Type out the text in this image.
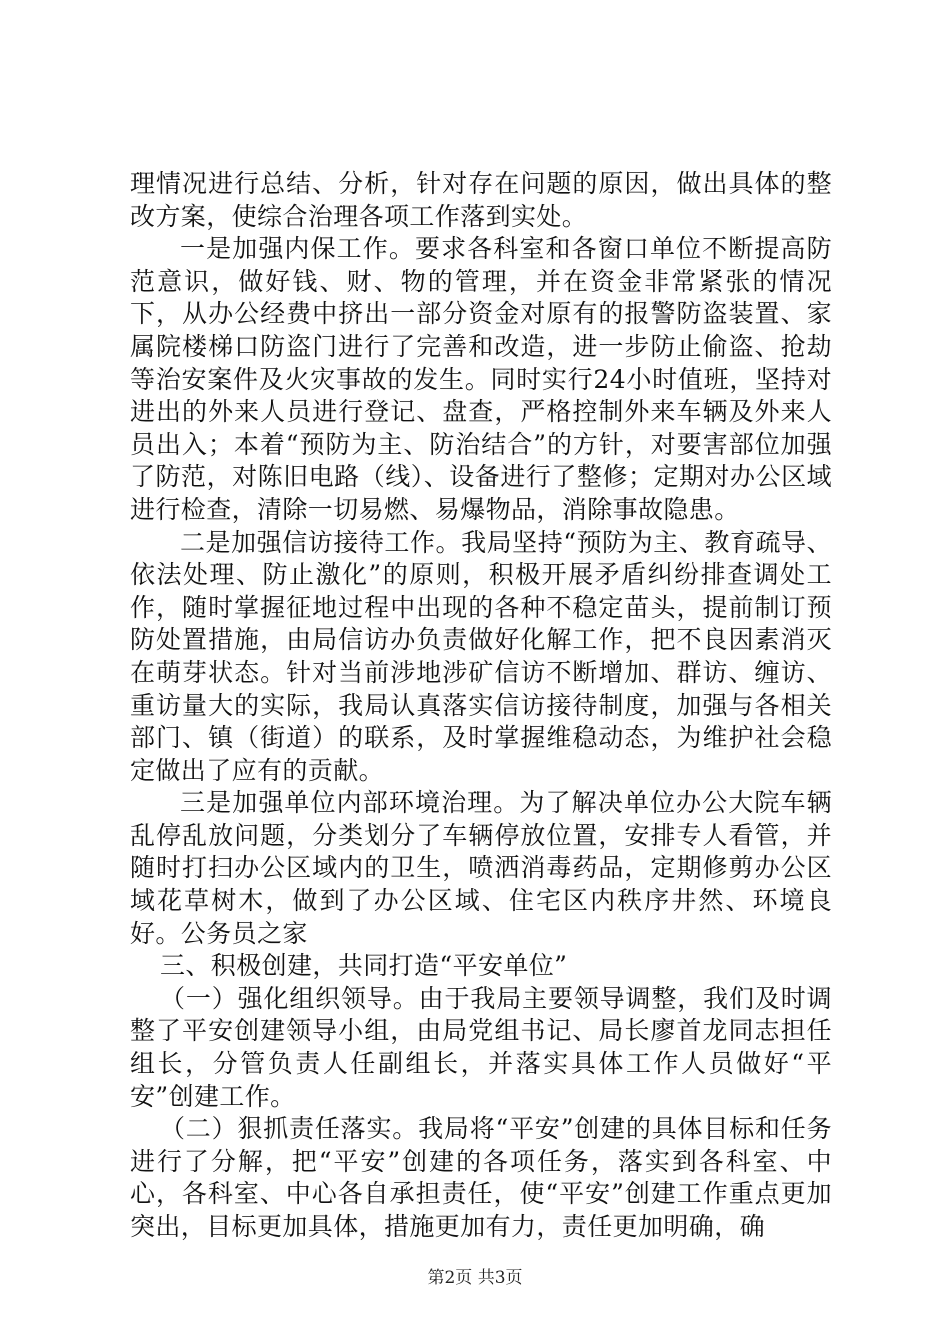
理情况进行总结、分析，针对存在问题的原因，做出具体的整改方案，使综合治理各项工作落到实处。

一是加强内保工作。要求各科室和各窗口单位不断提高防范意识，做好钱、财、物的管理，并在资金非常紧张的情况下，从办公经费中挤出一部分资金对原有的报警防盗装置、家属院楼梯口防盗门进行了完善和改造，进一步防止偷盗、抢劫等治安案件及火灾事故的发生。同时实行24小时值班，坚持对进出的外来人员进行登记、盘查，严格控制外来车辆及外来人员出入；本着“预防为主、防治结合”的方针，对要害部位加强了防范，对陈旧电路（线）、设备进行了整修；定期对办公区域进行检查，清除一切易燃、易爆物品，消除事故隐患。

二是加强信访接待工作。我局坚持“预防为主、教育疏导、依法处理、防止激化”的原则，积极开展矛盾纠纷排查调处工作，随时掌握征地过程中出现的各种不稳定苗头，提前制订预防处置措施，由局信访办负责做好化解工作，把不良因素消灭在萌芽状态。针对当前涉地涉矿信访不断增加、群访、缠访、重访量大的实际，我局认真落实信访接待制度，加强与各相关部门、镇（街道）的联系，及时掌握维稳动态，为维护社会稳定做出了应有的贡献。

三是加强单位内部环境治理。为了解决单位办公大院车辆乱停乱放问题，分类划分了车辆停放位置，安排专人看管，并随时打扫办公区域内的卫生，喷洒消毒药品，定期修剪办公区域花草树木，做到了办公区域、住宅区内秩序井然、环境良好。公务员之家

三、积极创建，共同打造“平安单位”

（一）强化组织领导。由于我局主要领导调整，我们及时调整了平安创建领导小组，由局党组书记、局长廖首龙同志担任组长，分管负责人任副组长，并落实具体工作人员做好“平安”创建工作。

（二）狠抓责任落实。我局将“平安”创建的具体目标和任务进行了分解，把“平安”创建的各项任务，落实到各科室、中心，各科室、中心各自承担责任，使“平安”创建工作重点更加突出，目标更加具体，措施更加有力，责任更加明确，确

第2页 共3页
